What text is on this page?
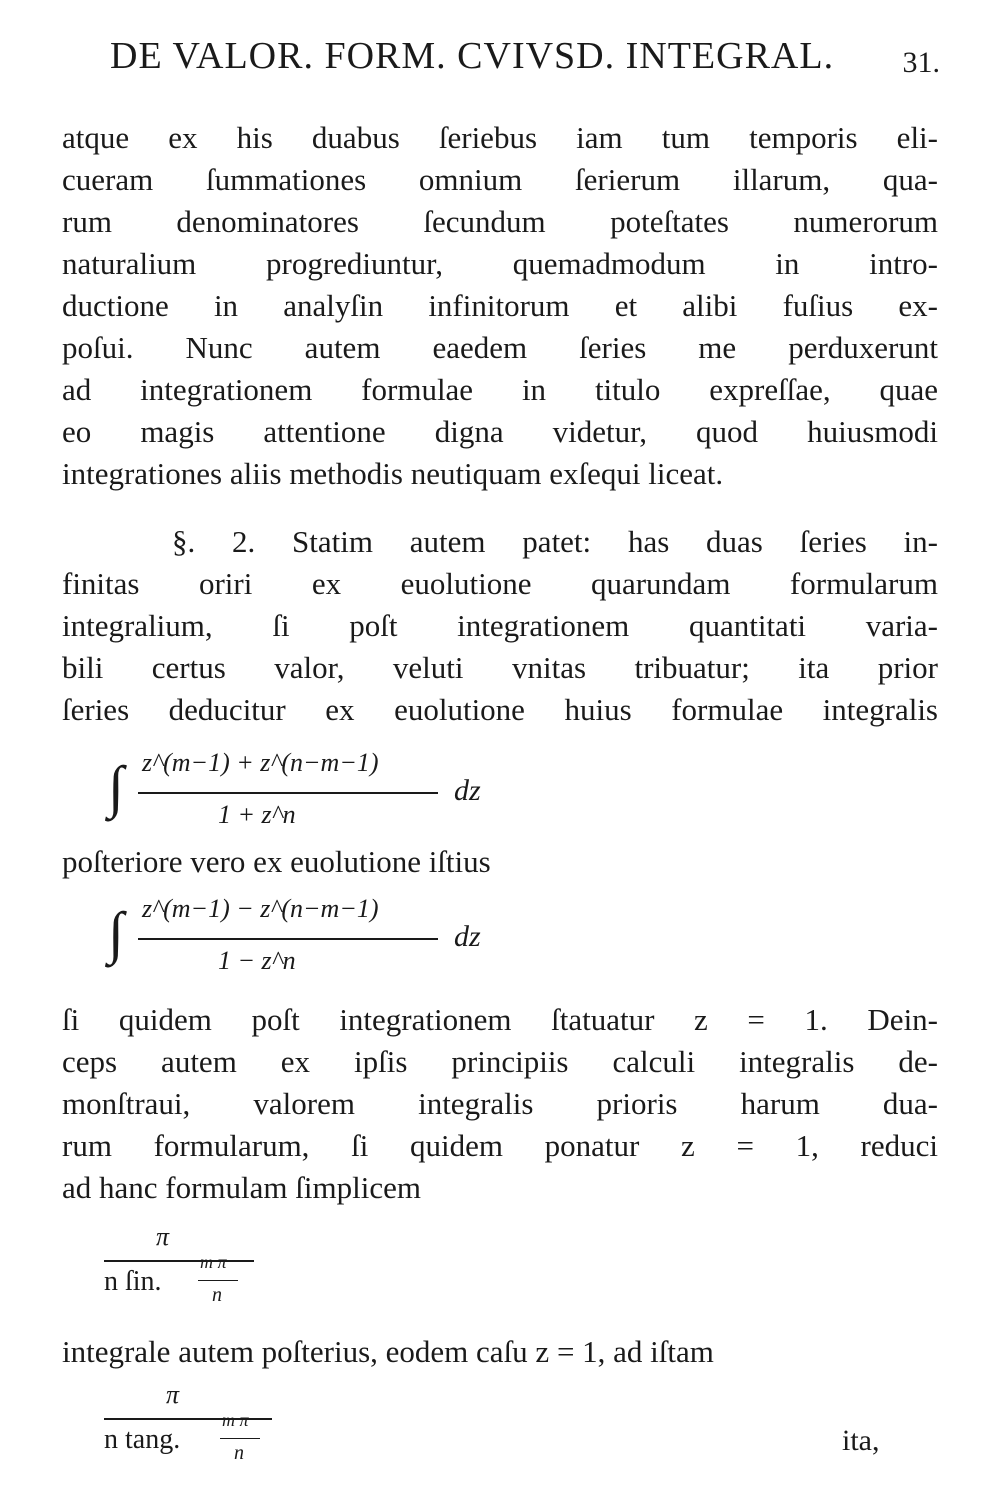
DE VALOR. FORM. CVIVSD. INTEGRAL. 31.
atque ex his duabus ſeriebus iam tum temporis eli-
cueram ſummationes omnium ſerierum illarum, qua-
rum denominatores ſecundum poteſtates numerorum
naturalium progrediuntur, quemadmodum in intro-
ductione in analyſin infinitorum et alibi fuſius ex-
poſui. Nunc autem eaedem ſeries me perduxerunt
ad integrationem formulae in titulo expreſſae, quae
eo magis attentione digna videtur, quod huiusmodi
integrationes aliis methodis neutiquam exſequi liceat.
§. 2. Statim autem patet: has duas ſeries in-
finitas oriri ex euolutione quarundam formularum
integralium, ſi poſt integrationem quantitati varia-
bili certus valor, veluti vnitas tribuatur; ita prior
ſeries deducitur ex euolutione huius formulae integralis
∫ z^(m−1) + z^(n−m−1)
1 + z^n
dz
poſteriore vero ex euolutione iſtius
∫ z^(m−1) − z^(n−m−1)
1 − z^n
dz
ſi quidem poſt integrationem ſtatuatur z = 1. Dein-
ceps autem ex ipſis principiis calculi integralis de-
monſtraui, valorem integralis prioris harum dua-
rum formularum, ſi quidem ponatur z = 1, reduci
ad hanc formulam ſimplicem
π
n ſin.
m π
n
integrale autem poſterius, eodem caſu z = 1, ad iſtam
π
n tang.
m π
n	ita,
